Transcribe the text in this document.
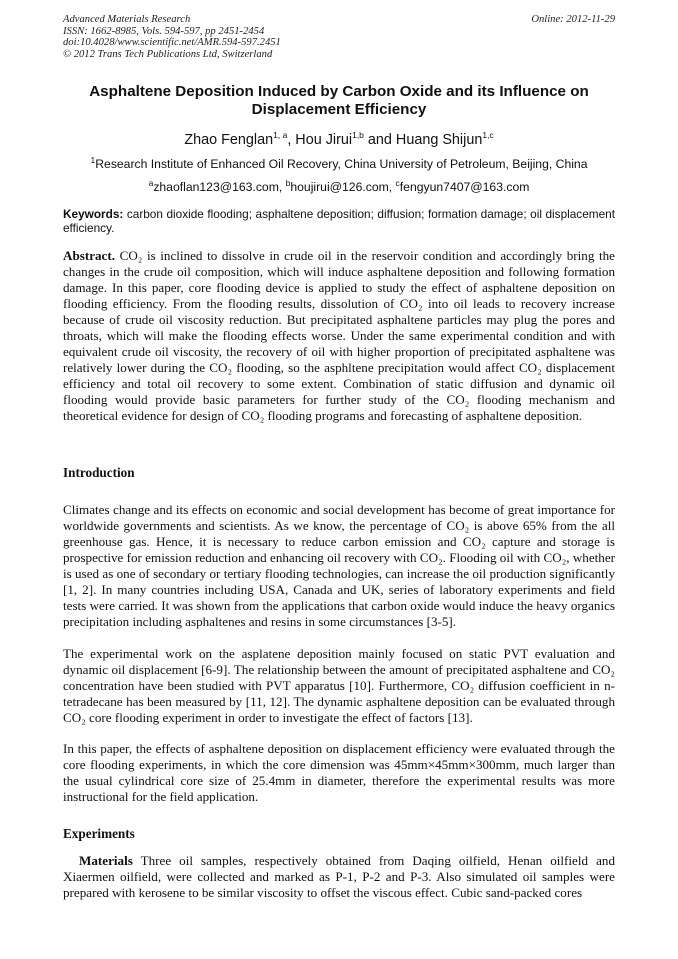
Advanced Materials Research	Online: 2012-11-29
ISSN: 1662-8985, Vols. 594-597, pp 2451-2454
doi:10.4028/www.scientific.net/AMR.594-597.2451
© 2012 Trans Tech Publications Ltd, Switzerland
Asphaltene Deposition Induced by Carbon Oxide and its Influence on Displacement Efficiency
Zhao Fenglan$^{1, a}$, Hou Jirui$^{1,b}$ and Huang Shijun$^{1,c}$
$^1$Research Institute of Enhanced Oil Recovery, China University of Petroleum, Beijing, China
$^a$zhaoflan123@163.com, $^b$houjirui@126.com, $^c$fengyun7407@163.com
Keywords: carbon dioxide flooding; asphaltene deposition; diffusion; formation damage; oil displacement efficiency.
Abstract. CO₂ is inclined to dissolve in crude oil in the reservoir condition and accordingly bring the changes in the crude oil composition, which will induce asphaltene deposition and following formation damage. In this paper, core flooding device is applied to study the effect of asphaltene deposition on flooding efficiency. From the flooding results, dissolution of CO₂ into oil leads to recovery increase because of crude oil viscosity reduction. But precipitated asphaltene particles may plug the pores and throats, which will make the flooding effects worse. Under the same experimental condition and with equivalent crude oil viscosity, the recovery of oil with higher proportion of precipitated asphaltene was relatively lower during the CO₂ flooding, so the asphltene precipitation would affect CO₂ displacement efficiency and total oil recovery to some extent. Combination of static diffusion and dynamic oil flooding would provide basic parameters for further study of the CO₂ flooding mechanism and theoretical evidence for design of CO₂ flooding programs and forecasting of asphaltene deposition.
Introduction
Climates change and its effects on economic and social development has become of great importance for worldwide governments and scientists. As we know, the percentage of CO₂ is above 65% from the all greenhouse gas. Hence, it is necessary to reduce carbon emission and CO₂ capture and storage is prospective for emission reduction and enhancing oil recovery with CO₂. Flooding oil with CO₂, whether is used as one of secondary or tertiary flooding technologies, can increase the oil production significantly [1, 2]. In many countries including USA, Canada and UK, series of laboratory experiments and field tests were carried. It was shown from the applications that carbon oxide would induce the heavy organics precipitation including asphaltenes and resins in some circumstances [3-5].
The experimental work on the asplatene deposition mainly focused on static PVT evaluation and dynamic oil displacement [6-9]. The relationship between the amount of precipitated asphaltene and CO₂ concentration have been studied with PVT apparatus [10]. Furthermore, CO₂ diffusion coefficient in n-tetradecane has been measured by [11, 12]. The dynamic asphaltene deposition can be evaluated through CO₂ core flooding experiment in order to investigate the effect of factors [13].
In this paper, the effects of asphaltene deposition on displacement efficiency were evaluated through the core flooding experiments, in which the core dimension was 45mm×45mm×300mm, much larger than the usual cylindrical core size of 25.4mm in diameter, therefore the experimental results was more instructional for the field application.
Experiments
Materials Three oil samples, respectively obtained from Daqing oilfield, Henan oilfield and Xiaermen oilfield, were collected and marked as P-1, P-2 and P-3. Also simulated oil samples were prepared with kerosene to be similar viscosity to offset the viscous effect. Cubic sand-packed cores
